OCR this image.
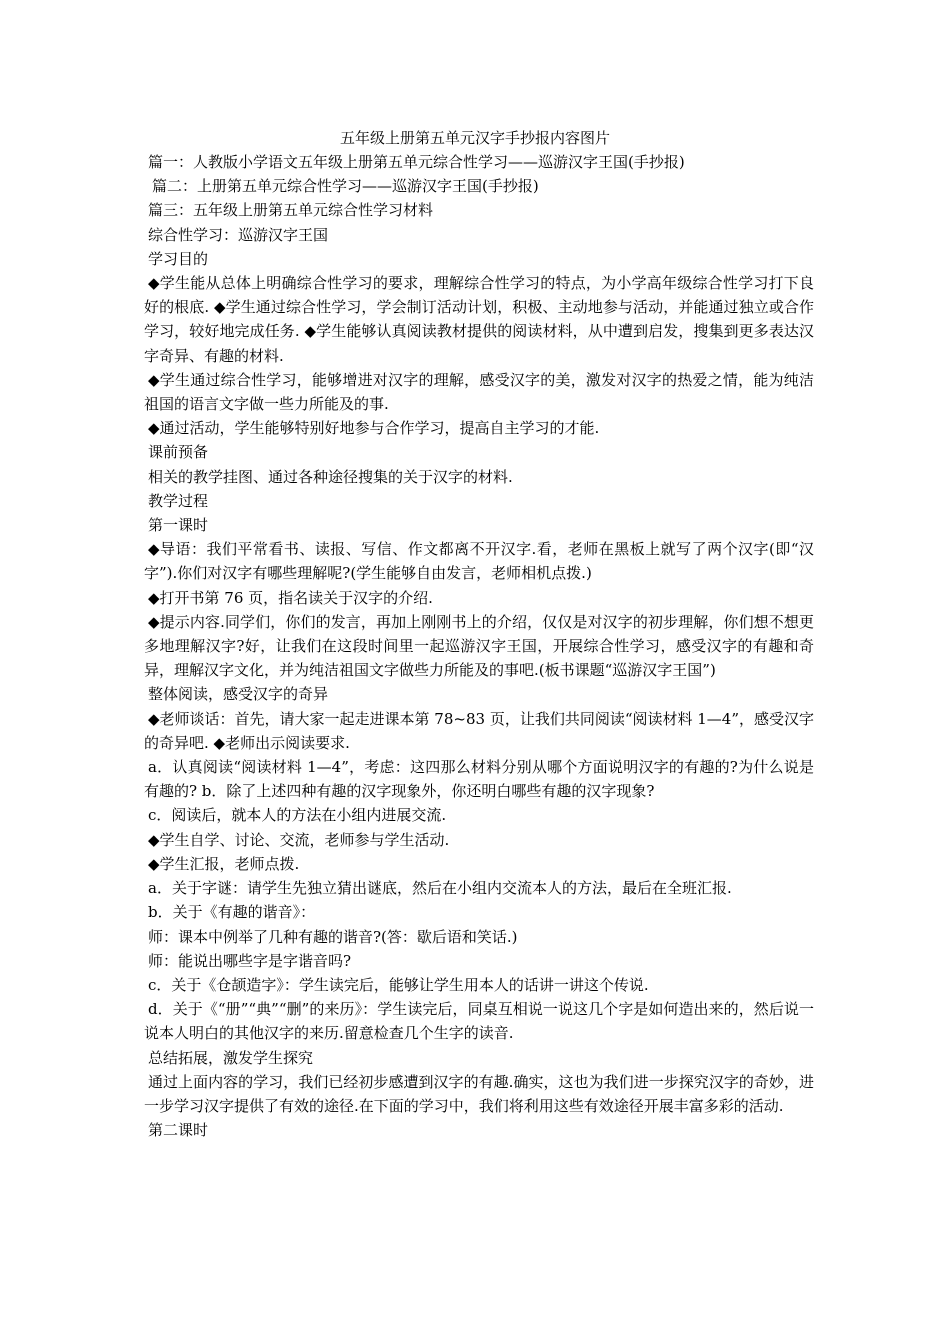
五年级上册第五单元汉字手抄报内容图片

篇一：人教版小学语文五年级上册第五单元综合性学习——巡游汉字王国(手抄报)

篇二：上册第五单元综合性学习——巡游汉字王国(手抄报)

篇三：五年级上册第五单元综合性学习材料

综合性学习：巡游汉字王国

学习目的

◆学生能从总体上明确综合性学习的要求，理解综合性学习的特点，为小学高年级综合性学习打下良好的根底. ◆学生通过综合性学习，学会制订活动计划，积极、主动地参与活动，并能通过独立或合作学习，较好地完成任务. ◆学生能够认真阅读教材提供的阅读材料，从中遭到启发，搜集到更多表达汉字奇异、有趣的材料.

◆学生通过综合性学习，能够增进对汉字的理解，感受汉字的美，激发对汉字的热爱之情，能为纯洁祖国的语言文字做一些力所能及的事.

◆通过活动，学生能够特别好地参与合作学习，提高自主学习的才能.

课前预备

相关的教学挂图、通过各种途径搜集的关于汉字的材料.

教学过程

第一课时

◆导语：我们平常看书、读报、写信、作文都离不开汉字.看，老师在黑板上就写了两个汉字(即“汉字”).你们对汉字有哪些理解呢?(学生能够自由发言，老师相机点拨.)

◆打开书第 76 页，指名读关于汉字的介绍.

◆提示内容.同学们，你们的发言，再加上刚刚书上的介绍，仅仅是对汉字的初步理解，你们想不想更多地理解汉字?好，让我们在这段时间里一起巡游汉字王国，开展综合性学习，感受汉字的有趣和奇异，理解汉字文化，并为纯洁祖国文字做些力所能及的事吧.(板书课题“巡游汉字王国”)

整体阅读，感受汉字的奇异

◆老师谈话：首先，请大家一起走进课本第 78~83 页，让我们共同阅读“阅读材料 1—4”，感受汉字的奇异吧. ◆老师出示阅读要求.

a．认真阅读“阅读材料 1—4”，考虑：这四那么材料分别从哪个方面说明汉字的有趣的?为什么说是有趣的? b．除了上述四种有趣的汉字现象外，你还明白哪些有趣的汉字现象?

c．阅读后，就本人的方法在小组内进展交流.

◆学生自学、讨论、交流，老师参与学生活动.

◆学生汇报，老师点拨.

a．关于字谜：请学生先独立猜出谜底，然后在小组内交流本人的方法，最后在全班汇报.

b．关于《有趣的谐音》：

师：课本中例举了几种有趣的谐音?(答：歇后语和笑话.)

师：能说出哪些字是字谐音吗?

c．关于《仓颉造字》：学生读完后，能够让学生用本人的话讲一讲这个传说.

d．关于《“册”“典”“删”的来历》：学生读完后，同桌互相说一说这几个字是如何造出来的，然后说一说本人明白的其他汉字的来历.留意检查几个生字的读音.

总结拓展，激发学生探究

通过上面内容的学习，我们已经初步感遭到汉字的有趣.确实，这也为我们进一步探究汉字的奇妙，进一步学习汉字提供了有效的途径.在下面的学习中，我们将利用这些有效途径开展丰富多彩的活动.

第二课时
